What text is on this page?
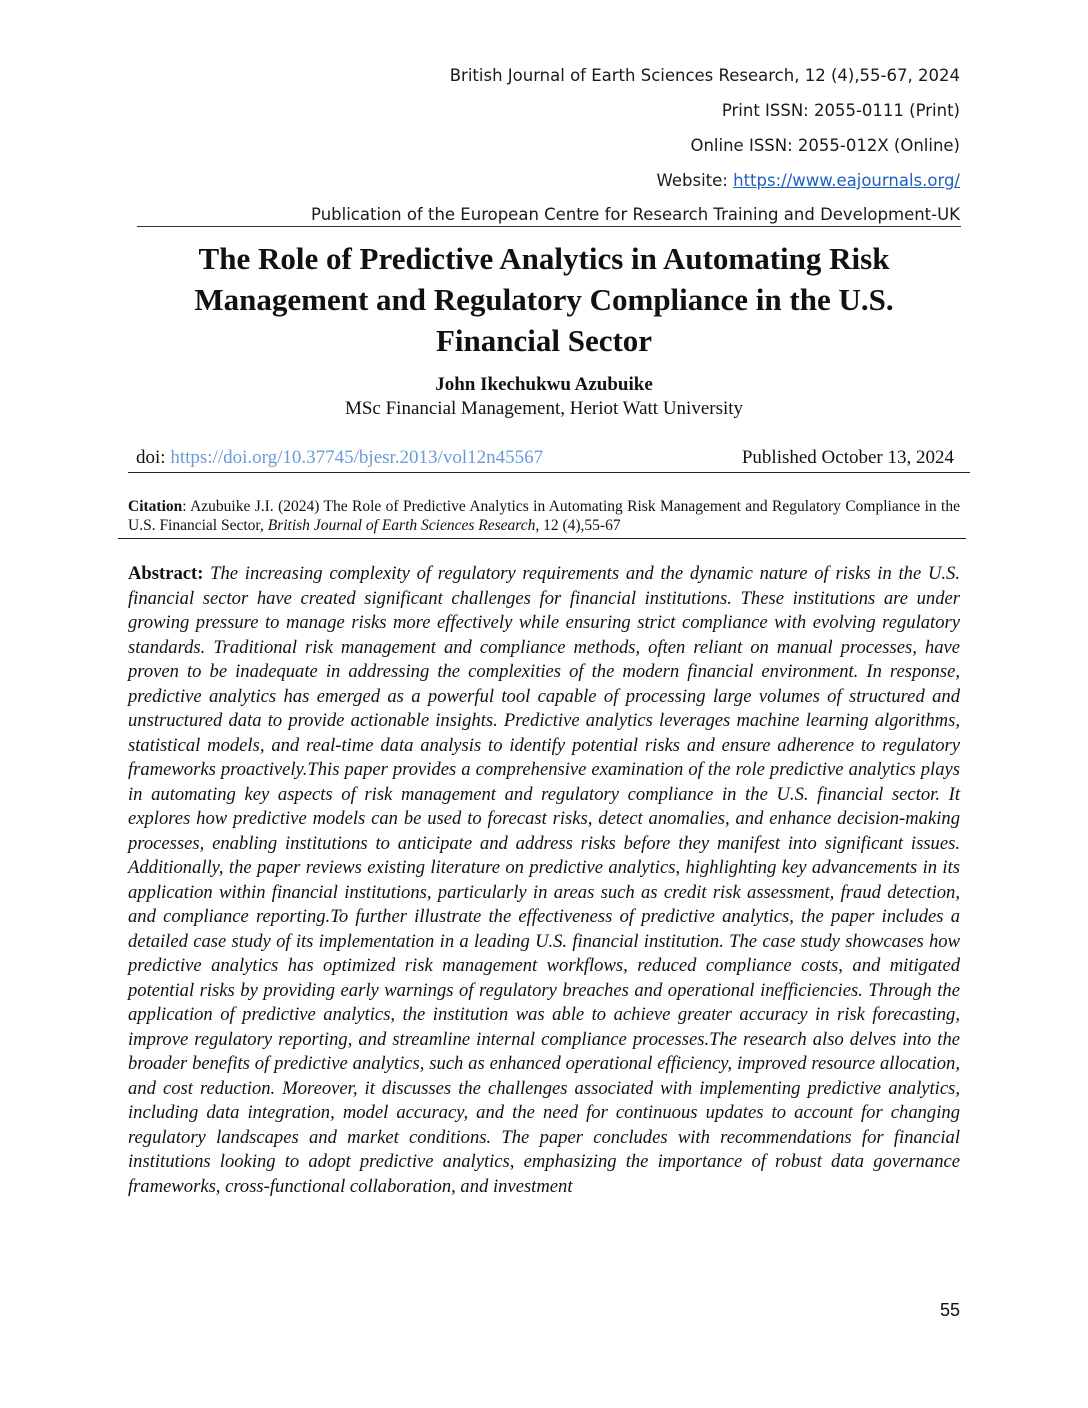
British Journal of Earth Sciences Research, 12 (4),55-67, 2024
Print ISSN: 2055-0111 (Print)
Online ISSN: 2055-012X (Online)
Website: https://www.eajournals.org/
Publication of the European Centre for Research Training and Development-UK
The Role of Predictive Analytics in Automating Risk Management and Regulatory Compliance in the U.S. Financial Sector
John Ikechukwu Azubuike
MSc Financial Management, Heriot Watt University
doi: https://doi.org/10.37745/bjesr.2013/vol12n45567	Published October 13, 2024
Citation: Azubuike J.I. (2024) The Role of Predictive Analytics in Automating Risk Management and Regulatory Compliance in the U.S. Financial Sector, British Journal of Earth Sciences Research, 12 (4),55-67

Abstract: The increasing complexity of regulatory requirements and the dynamic nature of risks in the U.S. financial sector have created significant challenges for financial institutions. These institutions are under growing pressure to manage risks more effectively while ensuring strict compliance with evolving regulatory standards. Traditional risk management and compliance methods, often reliant on manual processes, have proven to be inadequate in addressing the complexities of the modern financial environment. In response, predictive analytics has emerged as a powerful tool capable of processing large volumes of structured and unstructured data to provide actionable insights. Predictive analytics leverages machine learning algorithms, statistical models, and real-time data analysis to identify potential risks and ensure adherence to regulatory frameworks proactively.This paper provides a comprehensive examination of the role predictive analytics plays in automating key aspects of risk management and regulatory compliance in the U.S. financial sector. It explores how predictive models can be used to forecast risks, detect anomalies, and enhance decision-making processes, enabling institutions to anticipate and address risks before they manifest into significant issues. Additionally, the paper reviews existing literature on predictive analytics, highlighting key advancements in its application within financial institutions, particularly in areas such as credit risk assessment, fraud detection, and compliance reporting.To further illustrate the effectiveness of predictive analytics, the paper includes a detailed case study of its implementation in a leading U.S. financial institution. The case study showcases how predictive analytics has optimized risk management workflows, reduced compliance costs, and mitigated potential risks by providing early warnings of regulatory breaches and operational inefficiencies. Through the application of predictive analytics, the institution was able to achieve greater accuracy in risk forecasting, improve regulatory reporting, and streamline internal compliance processes.The research also delves into the broader benefits of predictive analytics, such as enhanced operational efficiency, improved resource allocation, and cost reduction. Moreover, it discusses the challenges associated with implementing predictive analytics, including data integration, model accuracy, and the need for continuous updates to account for changing regulatory landscapes and market conditions. The paper concludes with recommendations for financial institutions looking to adopt predictive analytics, emphasizing the importance of robust data governance frameworks, cross-functional collaboration, and investment

55
